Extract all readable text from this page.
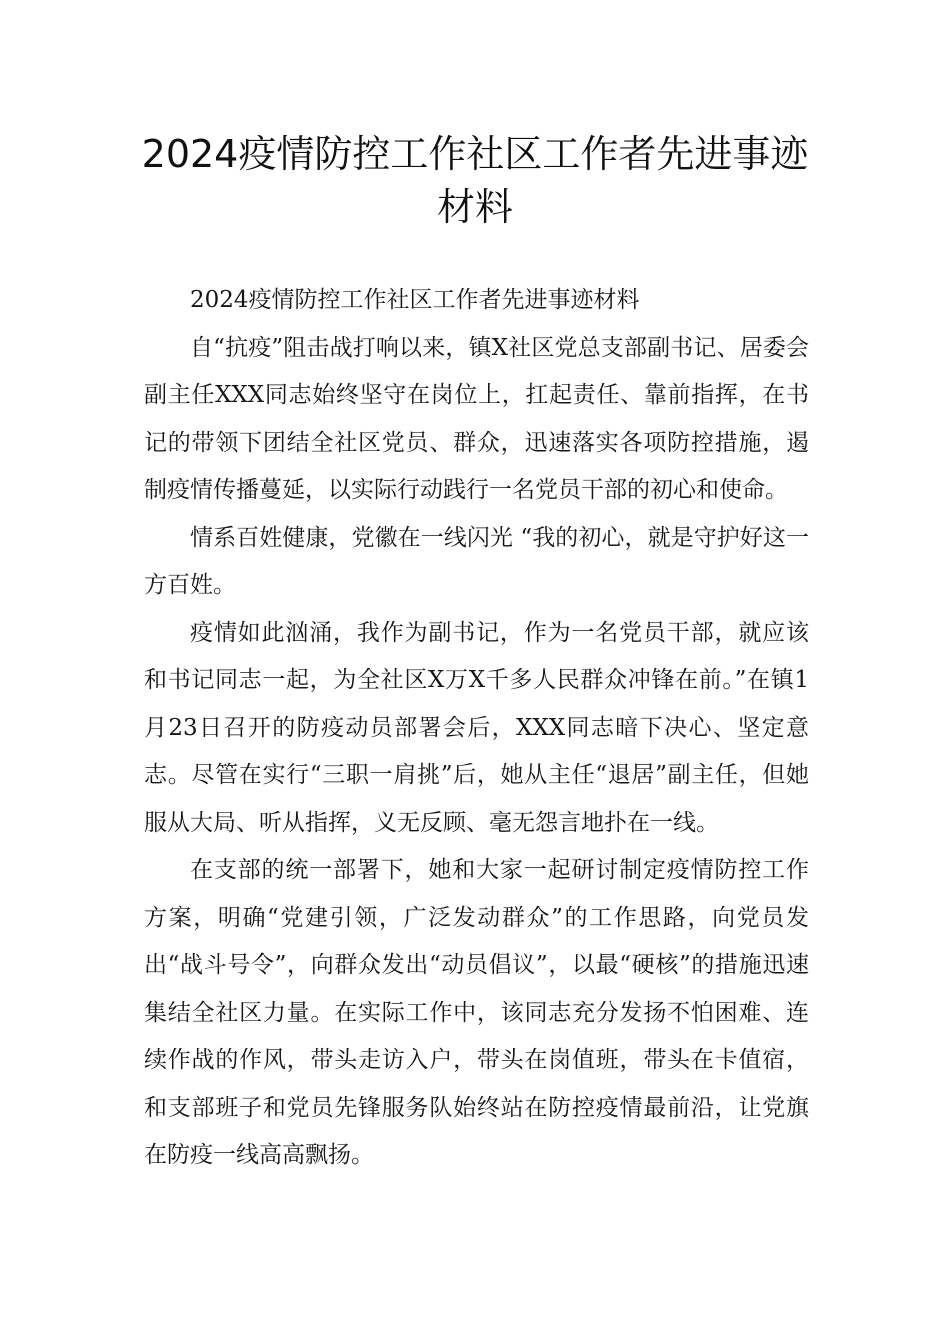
2024疫情防控工作社区工作者先进事迹
材料

2024疫情防控工作社区工作者先进事迹材料

自“抗疫”阻击战打响以来，镇X社区党总支部副书记、居委会副主任XXX同志始终坚守在岗位上，扛起责任、靠前指挥，在书记的带领下团结全社区党员、群众，迅速落实各项防控措施，遏制疫情传播蔓延，以实际行动践行一名党员干部的初心和使命。

情系百姓健康，党徽在一线闪光 “我的初心，就是守护好这一方百姓。

疫情如此汹涌，我作为副书记，作为一名党员干部，就应该和书记同志一起，为全社区X万X千多人民群众冲锋在前。”在镇1月23日召开的防疫动员部署会后，XXX同志暗下决心、坚定意志。尽管在实行“三职一肩挑”后，她从主任“退居”副主任，但她服从大局、听从指挥，义无反顾、毫无怨言地扑在一线。

在支部的统一部署下，她和大家一起研讨制定疫情防控工作方案，明确“党建引领，广泛发动群众”的工作思路，向党员发出“战斗号令”，向群众发出“动员倡议”，以最“硬核”的措施迅速集结全社区力量。在实际工作中，该同志充分发扬不怕困难、连续作战的作风，带头走访入户，带头在岗值班，带头在卡值宿，和支部班子和党员先锋服务队始终站在防控疫情最前沿，让党旗在防疫一线高高飘扬。
